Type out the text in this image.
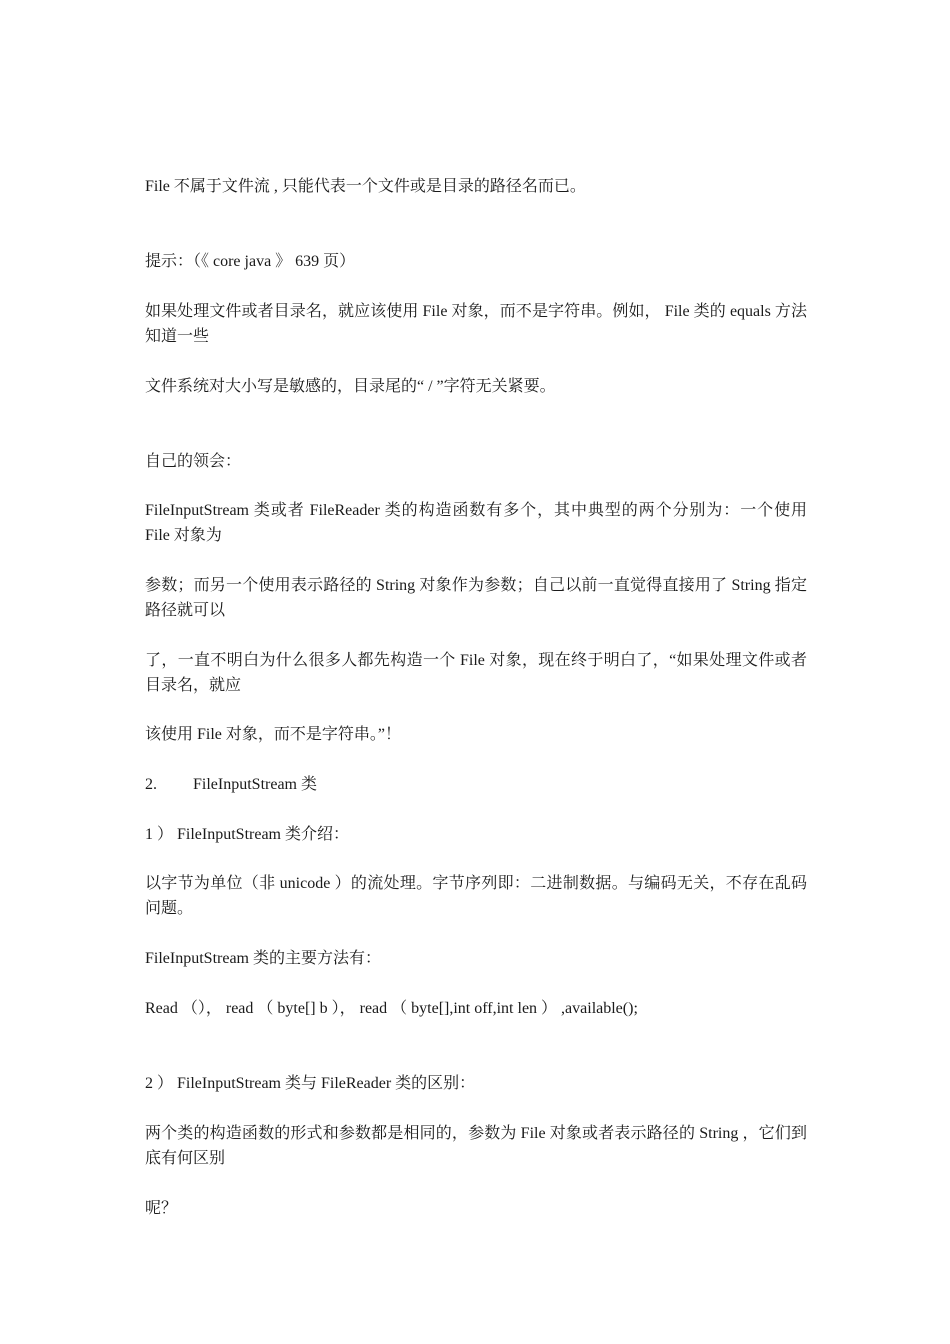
File 不属于文件流 , 只能代表一个文件或是目录的路径名而已。

提示：（《 core java 》 639 页）

如果处理文件或者目录名，就应该使用 File 对象，而不是字符串。例如， File 类的 equals 方法知道一些

文件系统对大小写是敏感的，目录尾的“ / ”字符无关紧要。

自己的领会：

FileInputStream 类或者 FileReader 类的构造函数有多个，其中典型的两个分别为：一个使用 File 对象为

参数；而另一个使用表示路径的 String 对象作为参数；自己以前一直觉得直接用了 String 指定路径就可以

了，一直不明白为什么很多人都先构造一个 File 对象，现在终于明白了，“如果处理文件或者目录名，就应

该使用 File 对象，而不是字符串。”！

2. FileInputStream 类

1 ） FileInputStream 类介绍：

以字节为单位（非 unicode ）的流处理。字节序列即：二进制数据。与编码无关，不存在乱码问题。

FileInputStream 类的主要方法有：

Read （）， read （ byte[] b ）， read （ byte[],int off,int len ） ,available();

2 ） FileInputStream 类与 FileReader 类的区别：

两个类的构造函数的形式和参数都是相同的，参数为 File 对象或者表示路径的 String ，它们到底有何区别

呢？
